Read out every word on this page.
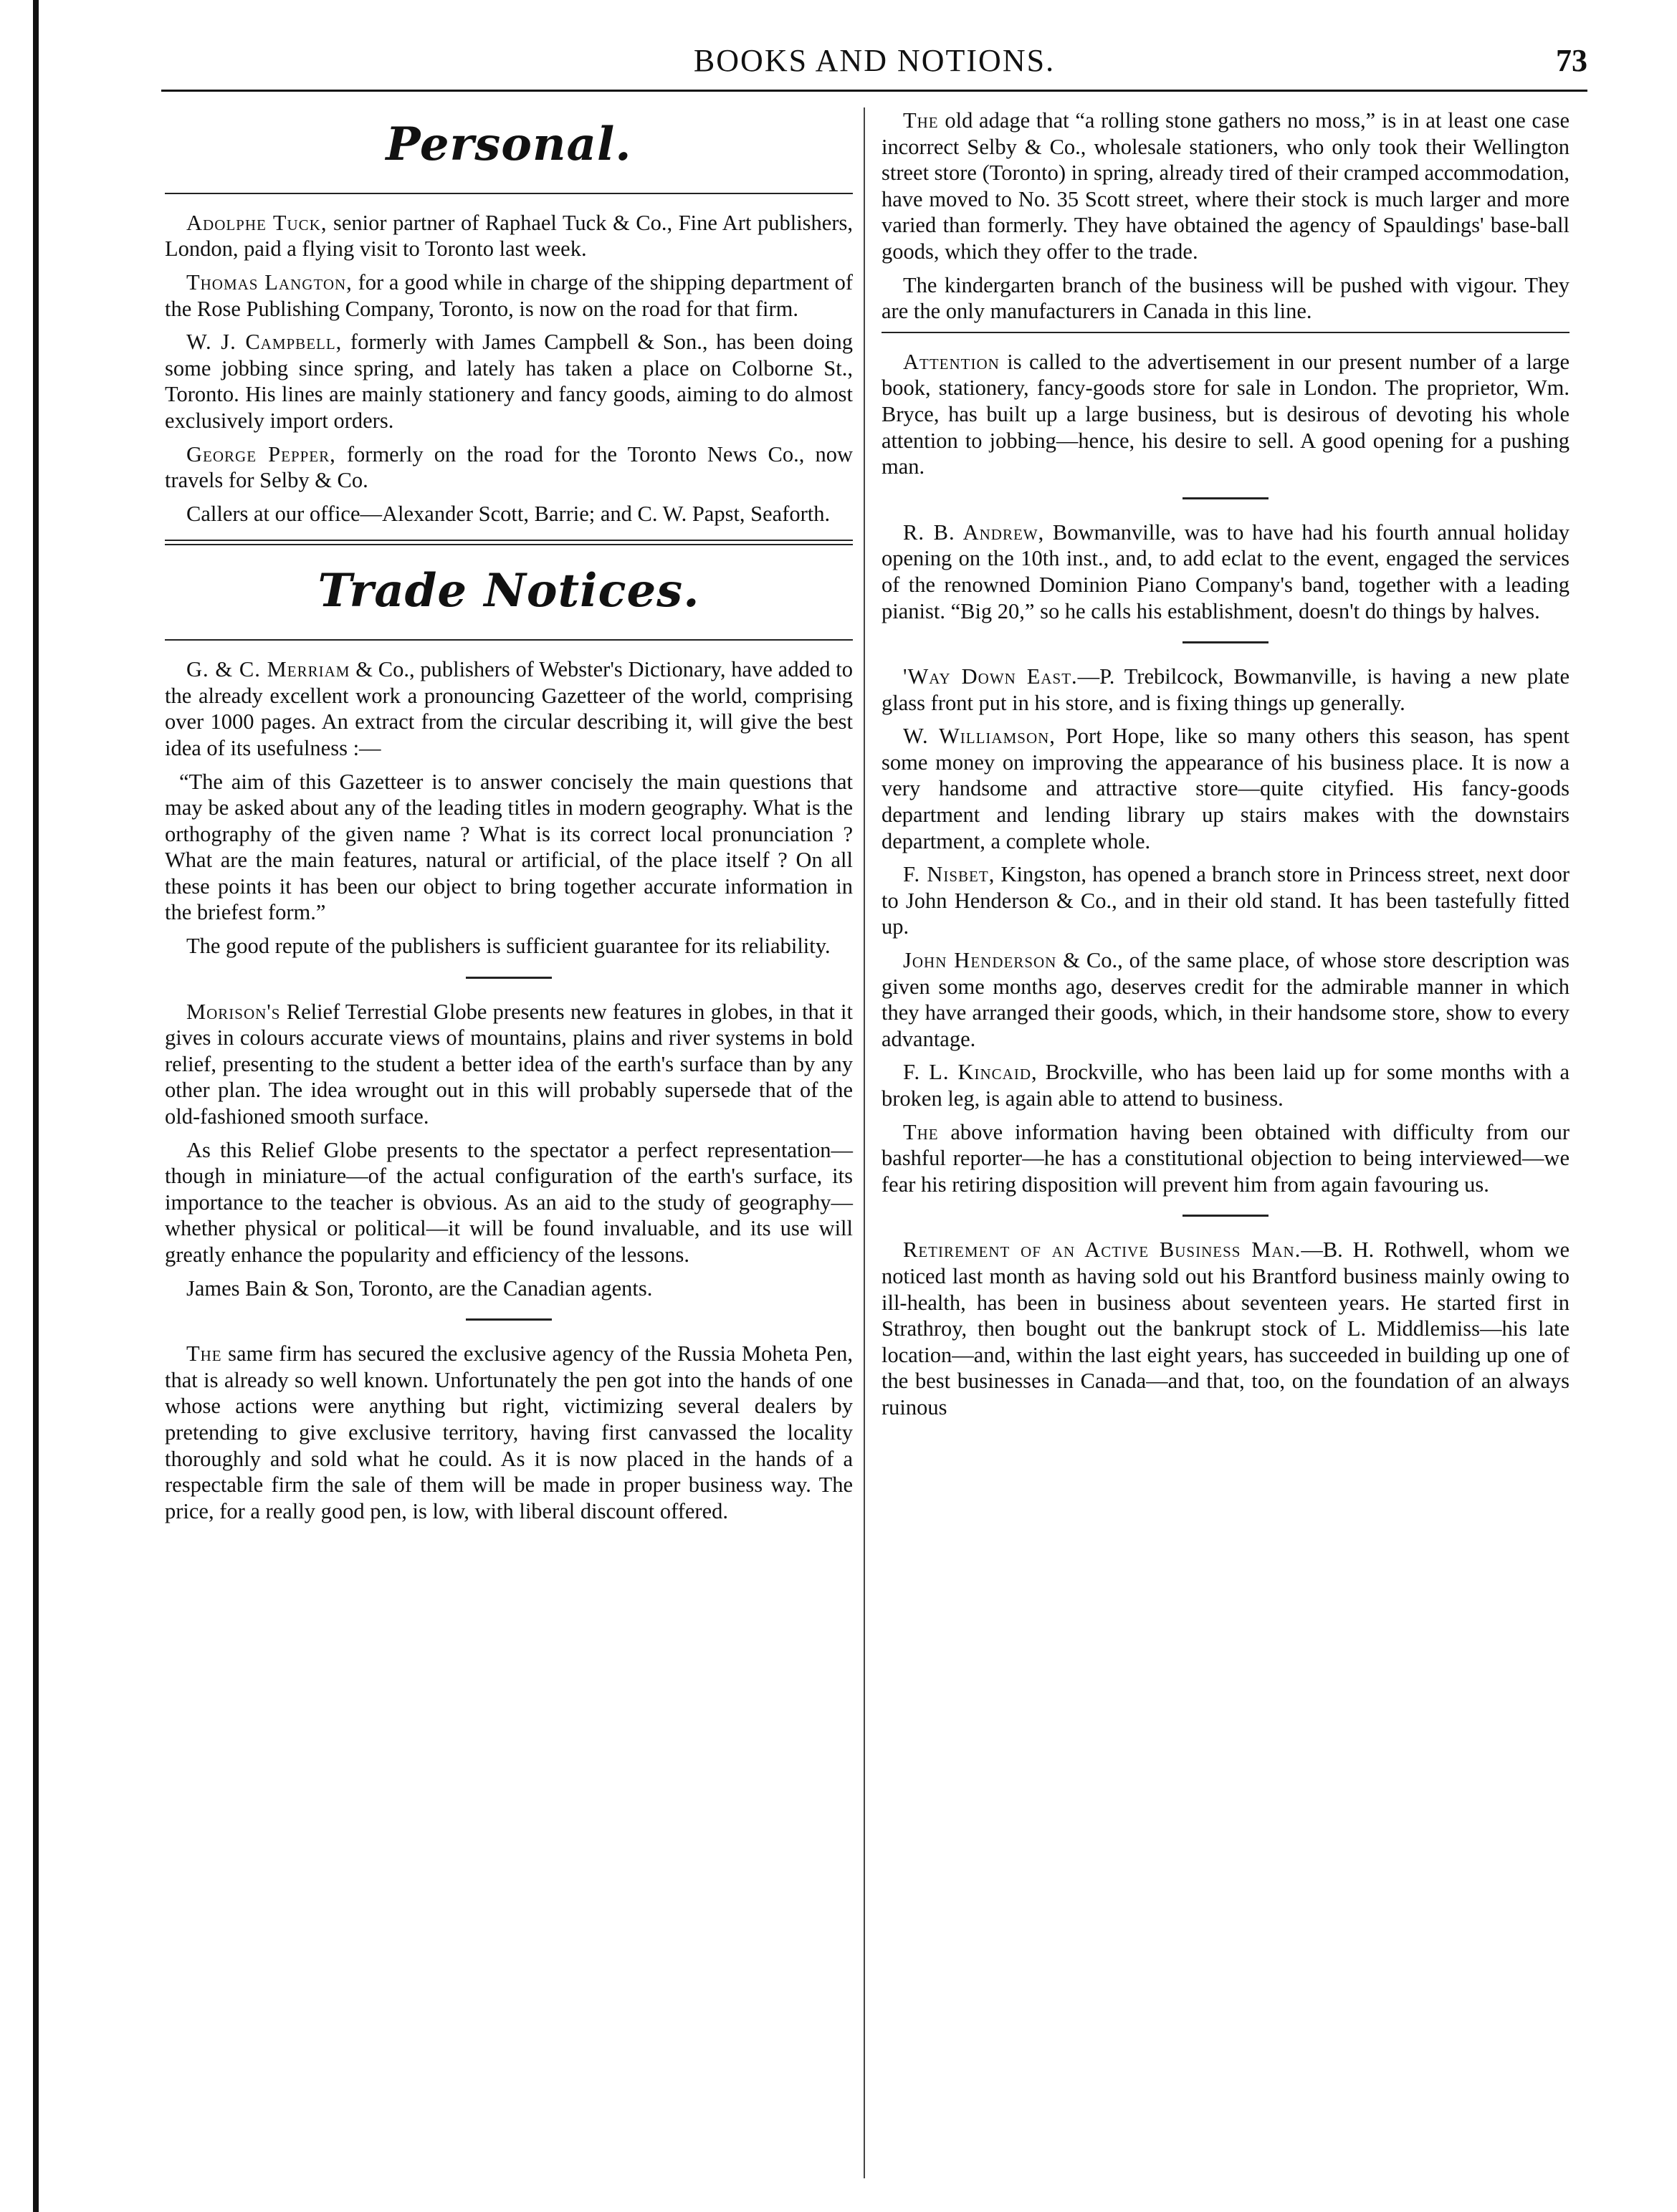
BOOKS AND NOTIONS.	73
Personal.

Adolphe Tuck, senior partner of Raphael Tuck & Co., Fine Art publishers, London, paid a flying visit to Toronto last week.

Thomas Langton, for a good while in charge of the shipping department of the Rose Publishing Company, Toronto, is now on the road for that firm.

W. J. Campbell, formerly with James Campbell & Son., has been doing some jobbing since spring, and lately has taken a place on Colborne St., Toronto. His lines are mainly stationery and fancy goods, aiming to do almost exclusively import orders.

George Pepper, formerly on the road for the Toronto News Co., now travels for Selby & Co.

Callers at our office—Alexander Scott, Barrie; and C. W. Papst, Seaforth.

Trade Notices.

G. & C. Merriam & Co., publishers of Webster's Dictionary, have added to the already excellent work a pronouncing Gazetteer of the world, comprising over 1000 pages. An extract from the circular describing it, will give the best idea of its usefulness :—

“The aim of this Gazetteer is to answer concisely the main questions that may be asked about any of the leading titles in modern geography. What is the orthography of the given name ? What is its correct local pronunciation ? What are the main features, natural or artificial, of the place itself ? On all these points it has been our object to bring together accurate information in the briefest form.”

The good repute of the publishers is sufficient guarantee for its reliability.

Morison's Relief Terrestial Globe presents new features in globes, in that it gives in colours accurate views of mountains, plains and river systems in bold relief, presenting to the student a better idea of the earth's surface than by any other plan. The idea wrought out in this will probably supersede that of the old-fashioned smooth surface.

As this Relief Globe presents to the spectator a perfect representation—though in miniature—of the actual configuration of the earth's surface, its importance to the teacher is obvious. As an aid to the study of geography—whether physical or political—it will be found invaluable, and its use will greatly enhance the popularity and efficiency of the lessons.

James Bain & Son, Toronto, are the Canadian agents.

The same firm has secured the exclusive agency of the Russia Moheta Pen, that is already so well known. Unfortunately the pen got into the hands of one whose actions were anything but right, victimizing several dealers by pretending to give exclusive territory, having first canvassed the locality thoroughly and sold what he could. As it is now placed in the hands of a respectable firm the sale of them will be made in proper business way. The price, for a really good pen, is low, with liberal discount offered.

The old adage that “a rolling stone gathers no moss,” is in at least one case incorrect Selby & Co., wholesale stationers, who only took their Wellington street store (Toronto) in spring, already tired of their cramped accommodation, have moved to No. 35 Scott street, where their stock is much larger and more varied than formerly. They have obtained the agency of Spauldings' base-ball goods, which they offer to the trade.

The kindergarten branch of the business will be pushed with vigour. They are the only manufacturers in Canada in this line.

Attention is called to the advertisement in our present number of a large book, stationery, fancy-goods store for sale in London. The proprietor, Wm. Bryce, has built up a large business, but is desirous of devoting his whole attention to jobbing—hence, his desire to sell. A good opening for a pushing man.

R. B. Andrew, Bowmanville, was to have had his fourth annual holiday opening on the 10th inst., and, to add eclat to the event, engaged the services of the renowned Dominion Piano Company's band, together with a leading pianist. “Big 20,” so he calls his establishment, doesn't do things by halves.

'Way Down East.—P. Trebilcock, Bowmanville, is having a new plate glass front put in his store, and is fixing things up generally.

W. Williamson, Port Hope, like so many others this season, has spent some money on improving the appearance of his business place. It is now a very handsome and attractive store—quite cityfied. His fancy-goods department and lending library up stairs makes with the downstairs department, a complete whole.

F. Nisbet, Kingston, has opened a branch store in Princess street, next door to John Henderson & Co., and in their old stand. It has been tastefully fitted up.

John Henderson & Co., of the same place, of whose store description was given some months ago, deserves credit for the admirable manner in which they have arranged their goods, which, in their handsome store, show to every advantage.

F. L. Kincaid, Brockville, who has been laid up for some months with a broken leg, is again able to attend to business.

The above information having been obtained with difficulty from our bashful reporter—he has a constitutional objection to being interviewed—we fear his retiring disposition will prevent him from again favouring us.

Retirement of an Active Business Man.—B. H. Rothwell, whom we noticed last month as having sold out his Brantford business mainly owing to ill-health, has been in business about seventeen years. He started first in Strathroy, then bought out the bankrupt stock of L. Middlemiss—his late location—and, within the last eight years, has succeeded in building up one of the best businesses in Canada—and that, too, on the foundation of an always ruinous
